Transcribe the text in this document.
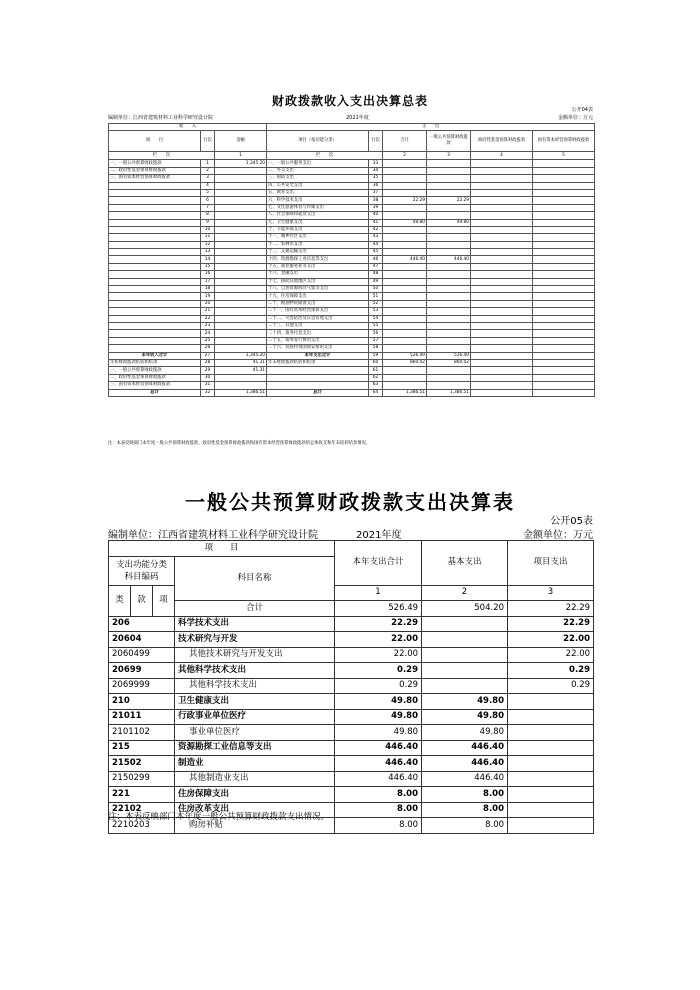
财政拨款收入支出决算总表
公开04表
编制单位：江西省建筑材料工业科学研究设计院	2021年度	金额单位：万元
收　　入			支　　出					
项　　目	行次	金额	项目（按功能分类）	行次	合计	一般公共预算财政拨款	政府性基金预算财政拨款	国有资本经营预算财政拨款
栏　　次		1	栏　　次		2	3	4	5
一、一般公共预算财政拨款	1	1,345.20	一、一般公共服务支出	33				
二、政府性基金预算财政拨款	2		二、外交支出	34				
三、国有资本经营预算财政拨款	3		三、国防支出	35				
	4		四、公共安全支出	36				
	5		五、教育支出	37				
	6		六、科学技术支出	38	22.29	22.29		
	7		七、文化旅游体育与传媒支出	39				
	8		八、社会保障和就业支出	40				
	9		九、卫生健康支出	41	49.80	49.80		
	10		十、节能环保支出	42				
	11		十一、城乡社区支出	43				
	12		十二、农林水支出	44				
	13		十三、交通运输支出	45				
	14		十四、资源勘探工业信息等支出	46	446.40	446.40		
	15		十五、商业服务业等支出	47				
	16		十六、金融支出	48				
	17		十七、援助其他地区支出	49				
	18		十八、自然资源海洋气象等支出	50				
	19		十九、住房保障支出	51				
	20		二十、粮油物资储备支出	52				
	21		二十一、国有资本经营预算支出	53				
	22		二十二、灾害防治及应急管理支出	54				
	23		二十三、其他支出	55				
	24		二十四、债务付息支出	56				
	25		二十五、债务发行费用支出	57				
	26		二十六、抗疫特别国债安排的支出	58				
本年收入合计	27	1,345.20	本年支出合计	59	526.49	526.49		
年初财政拨款结转和结余	28	41.31	年末财政拨款结转和结余	60	860.02	860.02		
一、一般公共预算财政拨款	29	41.31		61				
二、政府性基金预算财政拨款	30			62				
三、国有资本经营预算财政拨款	31			63				
总计	32	1,386.51	总计	64	1,386.51	1,386.51		
注：本表反映部门本年度一般公共预算财政拨款、政府性基金预算财政拨款和国有资本经营预算财政拨款的总体收支和年末结转结余情况。
一般公共预算财政拨款支出决算表
公开05表
编制单位：江西省建筑材料工业科学研究设计院	2021年度	金额单位：万元
项　　目				本年支出合计	基本支出	项目支出
支出功能分类科目编码			科目名称			

类	款	项		1	2	3
			合计	526.49	504.20	22.29
206			科学技术支出	22.29		22.29
20604			技术研究与开发	22.00		22.00
2060499			其他技术研究与开发支出	22.00		22.00
20699			其他科学技术支出	0.29		0.29
2069999			其他科学技术支出	0.29		0.29
210			卫生健康支出	49.80	49.80	
21011			行政事业单位医疗	49.80	49.80	
2101102			事业单位医疗	49.80	49.80	
215			资源勘探工业信息等支出	446.40	446.40	
21502			制造业	446.40	446.40	
2150299			其他制造业支出	446.40	446.40	
221			住房保障支出	8.00	8.00	
22102			住房改革支出	8.00	8.00	
2210203			购房补贴	8.00	8.00	
注：本表反映部门本年度一般公共预算财政拨款支出情况。
